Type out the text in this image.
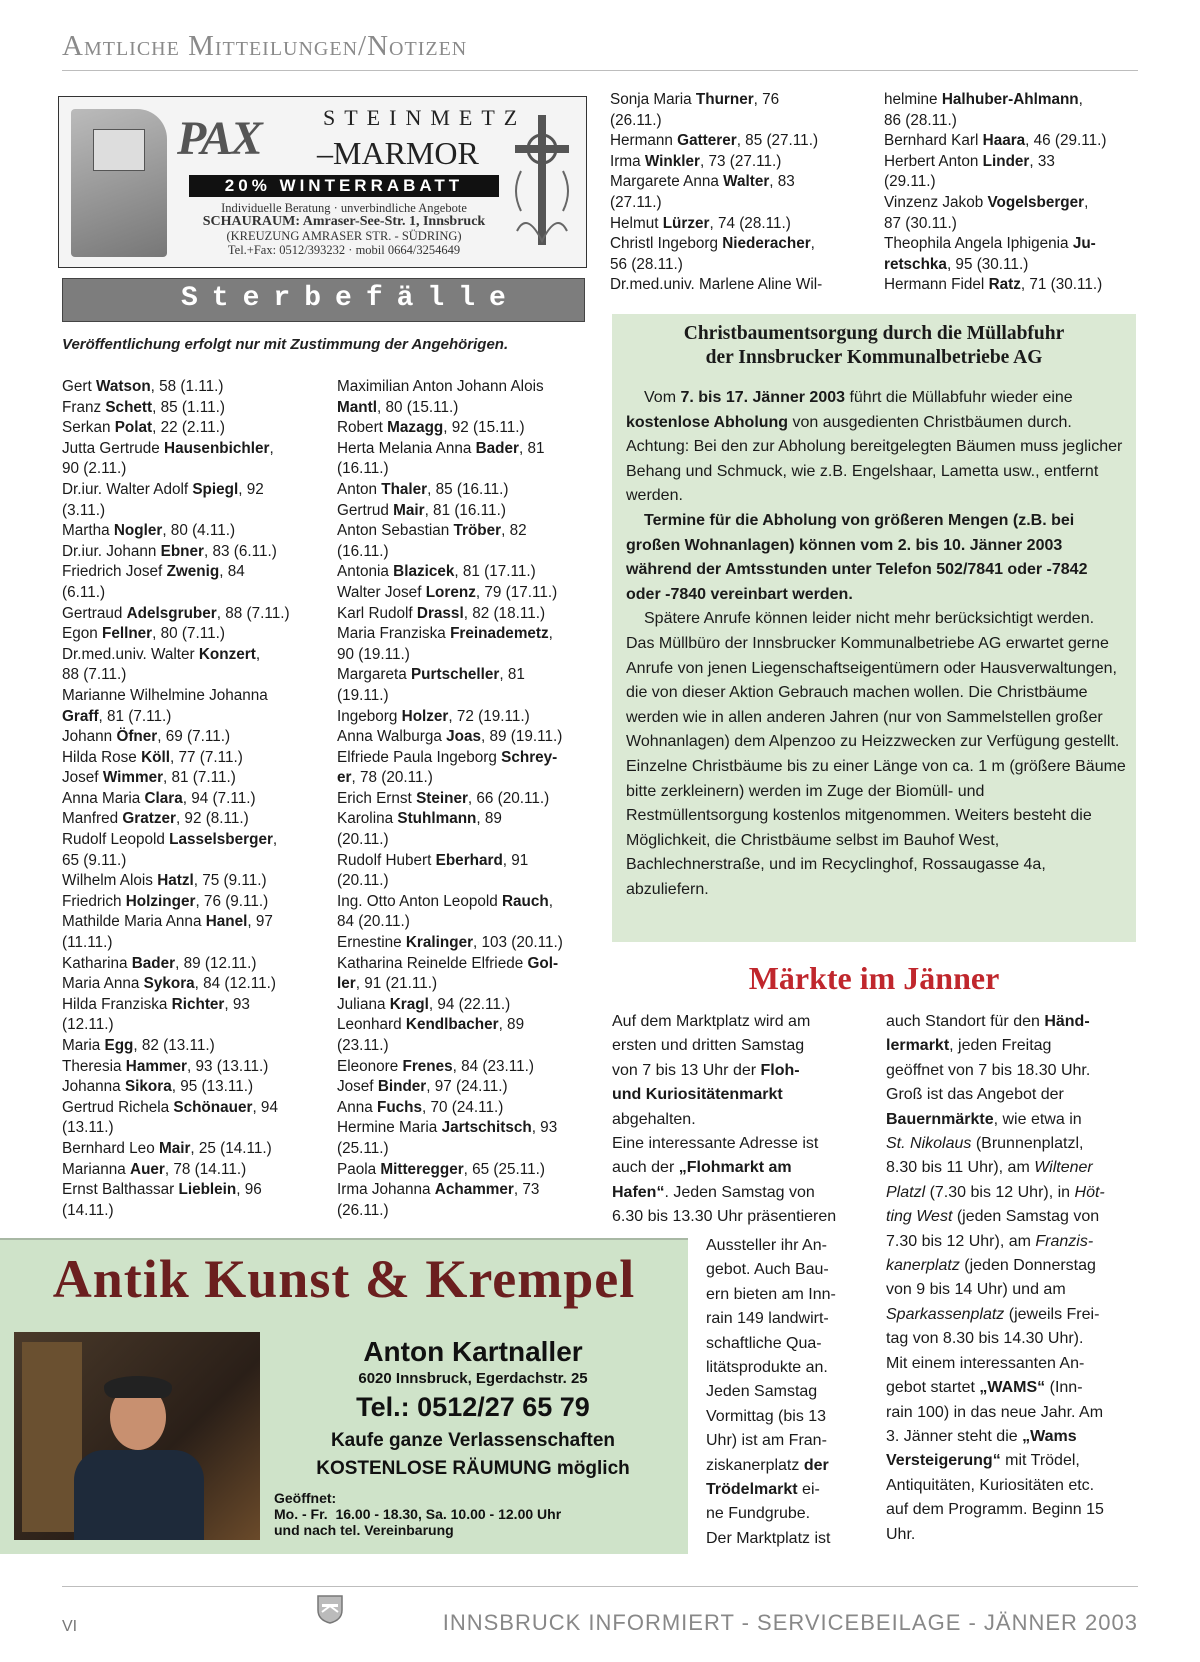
Amtliche Mitteilungen/Notizen
PAX	STEINMETZ
–MARMOR
20% WINTERRABATT
Individuelle Beratung · unverbindliche Angebote
SCHAURAUM: Amraser-See-Str. 1, Innsbruck
(KREUZUNG AMRASER STR. - SÜDRING)
Tel.+Fax: 0512/393232 · mobil 0664/3254649
Sterbefälle
Veröffentlichung erfolgt nur mit Zustimmung der Angehörigen.
Gert Watson, 58 (1.11.)
Franz Schett, 85 (1.11.)
Serkan Polat, 22 (2.11.)
Jutta Gertrude Hausenbichler,
90 (2.11.)
Dr.iur. Walter Adolf Spiegl, 92
(3.11.)
Martha Nogler, 80 (4.11.)
Dr.iur. Johann Ebner, 83 (6.11.)
Friedrich Josef Zwenig, 84
(6.11.)
Gertraud Adelsgruber, 88 (7.11.)
Egon Fellner, 80 (7.11.)
Dr.med.univ. Walter Konzert,
88 (7.11.)
Marianne Wilhelmine Johanna
Graff, 81 (7.11.)
Johann Öfner, 69 (7.11.)
Hilda Rose Köll, 77 (7.11.)
Josef Wimmer, 81 (7.11.)
Anna Maria Clara, 94 (7.11.)
Manfred Gratzer, 92 (8.11.)
Rudolf Leopold Lasselsberger,
65 (9.11.)
Wilhelm Alois Hatzl, 75 (9.11.)
Friedrich Holzinger, 76 (9.11.)
Mathilde Maria Anna Hanel, 97
(11.11.)
Katharina Bader, 89 (12.11.)
Maria Anna Sykora, 84 (12.11.)
Hilda Franziska Richter, 93
(12.11.)
Maria Egg, 82 (13.11.)
Theresia Hammer, 93 (13.11.)
Johanna Sikora, 95 (13.11.)
Gertrud Richela Schönauer, 94
(13.11.)
Bernhard Leo Mair, 25 (14.11.)
Marianna Auer, 78 (14.11.)
Ernst Balthassar Lieblein, 96
(14.11.)
Maximilian Anton Johann Alois
Mantl, 80 (15.11.)
Robert Mazagg, 92 (15.11.)
Herta Melania Anna Bader, 81
(16.11.)
Anton Thaler, 85 (16.11.)
Gertrud Mair, 81 (16.11.)
Anton Sebastian Tröber, 82
(16.11.)
Antonia Blazicek, 81 (17.11.)
Walter Josef Lorenz, 79 (17.11.)
Karl Rudolf Drassl, 82 (18.11.)
Maria Franziska Freinademetz,
90 (19.11.)
Margareta Purtscheller, 81
(19.11.)
Ingeborg Holzer, 72 (19.11.)
Anna Walburga Joas, 89 (19.11.)
Elfriede Paula Ingeborg Schrey-
er, 78 (20.11.)
Erich Ernst Steiner, 66 (20.11.)
Karolina Stuhlmann, 89
(20.11.)
Rudolf Hubert Eberhard, 91
(20.11.)
Ing. Otto Anton Leopold Rauch,
84 (20.11.)
Ernestine Kralinger, 103 (20.11.)
Katharina Reinelde Elfriede Gol-
ler, 91 (21.11.)
Juliana Kragl, 94 (22.11.)
Leonhard Kendlbacher, 89
(23.11.)
Eleonore Frenes, 84 (23.11.)
Josef Binder, 97 (24.11.)
Anna Fuchs, 70 (24.11.)
Hermine Maria Jartschitsch, 93
(25.11.)
Paola Mitteregger, 65 (25.11.)
Irma Johanna Achammer, 73
(26.11.)
Sonja Maria Thurner, 76
(26.11.)
Hermann Gatterer, 85 (27.11.)
Irma Winkler, 73 (27.11.)
Margarete Anna Walter, 83
(27.11.)
Helmut Lürzer, 74 (28.11.)
Christl Ingeborg Niederacher,
56 (28.11.)
Dr.med.univ. Marlene Aline Wil-
helmine Halhuber-Ahlmann,
86 (28.11.)
Bernhard Karl Haara, 46 (29.11.)
Herbert Anton Linder, 33
(29.11.)
Vinzenz Jakob Vogelsberger,
87 (30.11.)
Theophila Angela Iphigenia Ju-
retschka, 95 (30.11.)
Hermann Fidel Ratz, 71 (30.11.)
Christbaumentsorgung durch die Müllabfuhr
der Innsbrucker Kommunalbetriebe AG

Vom 7. bis 17. Jänner 2003 führt die Müllabfuhr wieder eine kostenlose Abholung von ausgedienten Christbäumen durch. Achtung: Bei den zur Abholung bereitgelegten Bäumen muss jeglicher Behang und Schmuck, wie z.B. Engelshaar, Lametta usw., entfernt werden.

Termine für die Abholung von größeren Mengen (z.B. bei großen Wohnanlagen) können vom 2. bis 10. Jänner 2003 während der Amtsstunden unter Telefon 502/7841 oder -7842 oder -7840 vereinbart werden.

Spätere Anrufe können leider nicht mehr berücksichtigt werden. Das Müllbüro der Innsbrucker Kommunalbetriebe AG erwartet gerne Anrufe von jenen Liegenschaftseigentümern oder Hausverwaltungen, die von dieser Aktion Gebrauch machen wollen. Die Christbäume werden wie in allen anderen Jahren (nur von Sammelstellen großer Wohnanlagen) dem Alpenzoo zu Heizzwecken zur Verfügung gestellt. Einzelne Christbäume bis zu einer Länge von ca. 1 m (größere Bäume bitte zerkleinern) werden im Zuge der Biomüll- und Restmüllentsorgung kostenlos mitgenommen. Weiters besteht die Möglichkeit, die Christbäume selbst im Bauhof West, Bachlechnerstraße, und im Recyclinghof, Rossaugasse 4a, abzuliefern.

Märkte im Jänner
Auf dem Marktplatz wird am
ersten und dritten Samstag
von 7 bis 13 Uhr der Floh-
und Kuriositätenmarkt
abgehalten.
Eine interessante Adresse ist
auch der „Flohmarkt am
Hafen“. Jeden Samstag von
6.30 bis 13.30 Uhr präsentieren
Aussteller ihr An-
gebot. Auch Bau-
ern bieten am Inn-
rain 149 landwirt-
schaftliche Qua-
litätsprodukte an.
Jeden Samstag
Vormittag (bis 13
Uhr) ist am Fran-
ziskanerplatz der
Trödelmarkt ei-
ne Fundgrube.
Der Marktplatz ist
auch Standort für den Händ-
lermarkt, jeden Freitag
geöffnet von 7 bis 18.30 Uhr.
Groß ist das Angebot der
Bauernmärkte, wie etwa in
St. Nikolaus (Brunnenplatzl,
8.30 bis 11 Uhr), am Wiltener
Platzl (7.30 bis 12 Uhr), in Höt-
ting West (jeden Samstag von
7.30 bis 12 Uhr), am Franzis-
kanerplatz (jeden Donnerstag
von 9 bis 14 Uhr) und am
Sparkassenplatz (jeweils Frei-
tag von 8.30 bis 14.30 Uhr).
Mit einem interessanten An-
gebot startet „WAMS“ (Inn-
rain 100) in das neue Jahr. Am
3. Jänner steht die „Wams
Versteigerung“ mit Trödel,
Antiquitäten, Kuriositäten etc.
auf dem Programm. Beginn 15
Uhr.
Antik Kunst & Krempel
Anton Kartnaller
6020 Innsbruck, Egerdachstr. 25
Tel.: 0512/27 65 79
Kaufe ganze Verlassenschaften
KOSTENLOSE RÄUMUNG möglich
Geöffnet:
Mo. - Fr.  16.00 - 18.30, Sa. 10.00 - 12.00 Uhr
und nach tel. Vereinbarung
VI	INNSBRUCK INFORMIERT - SERVICEBEILAGE - JÄNNER 2003
